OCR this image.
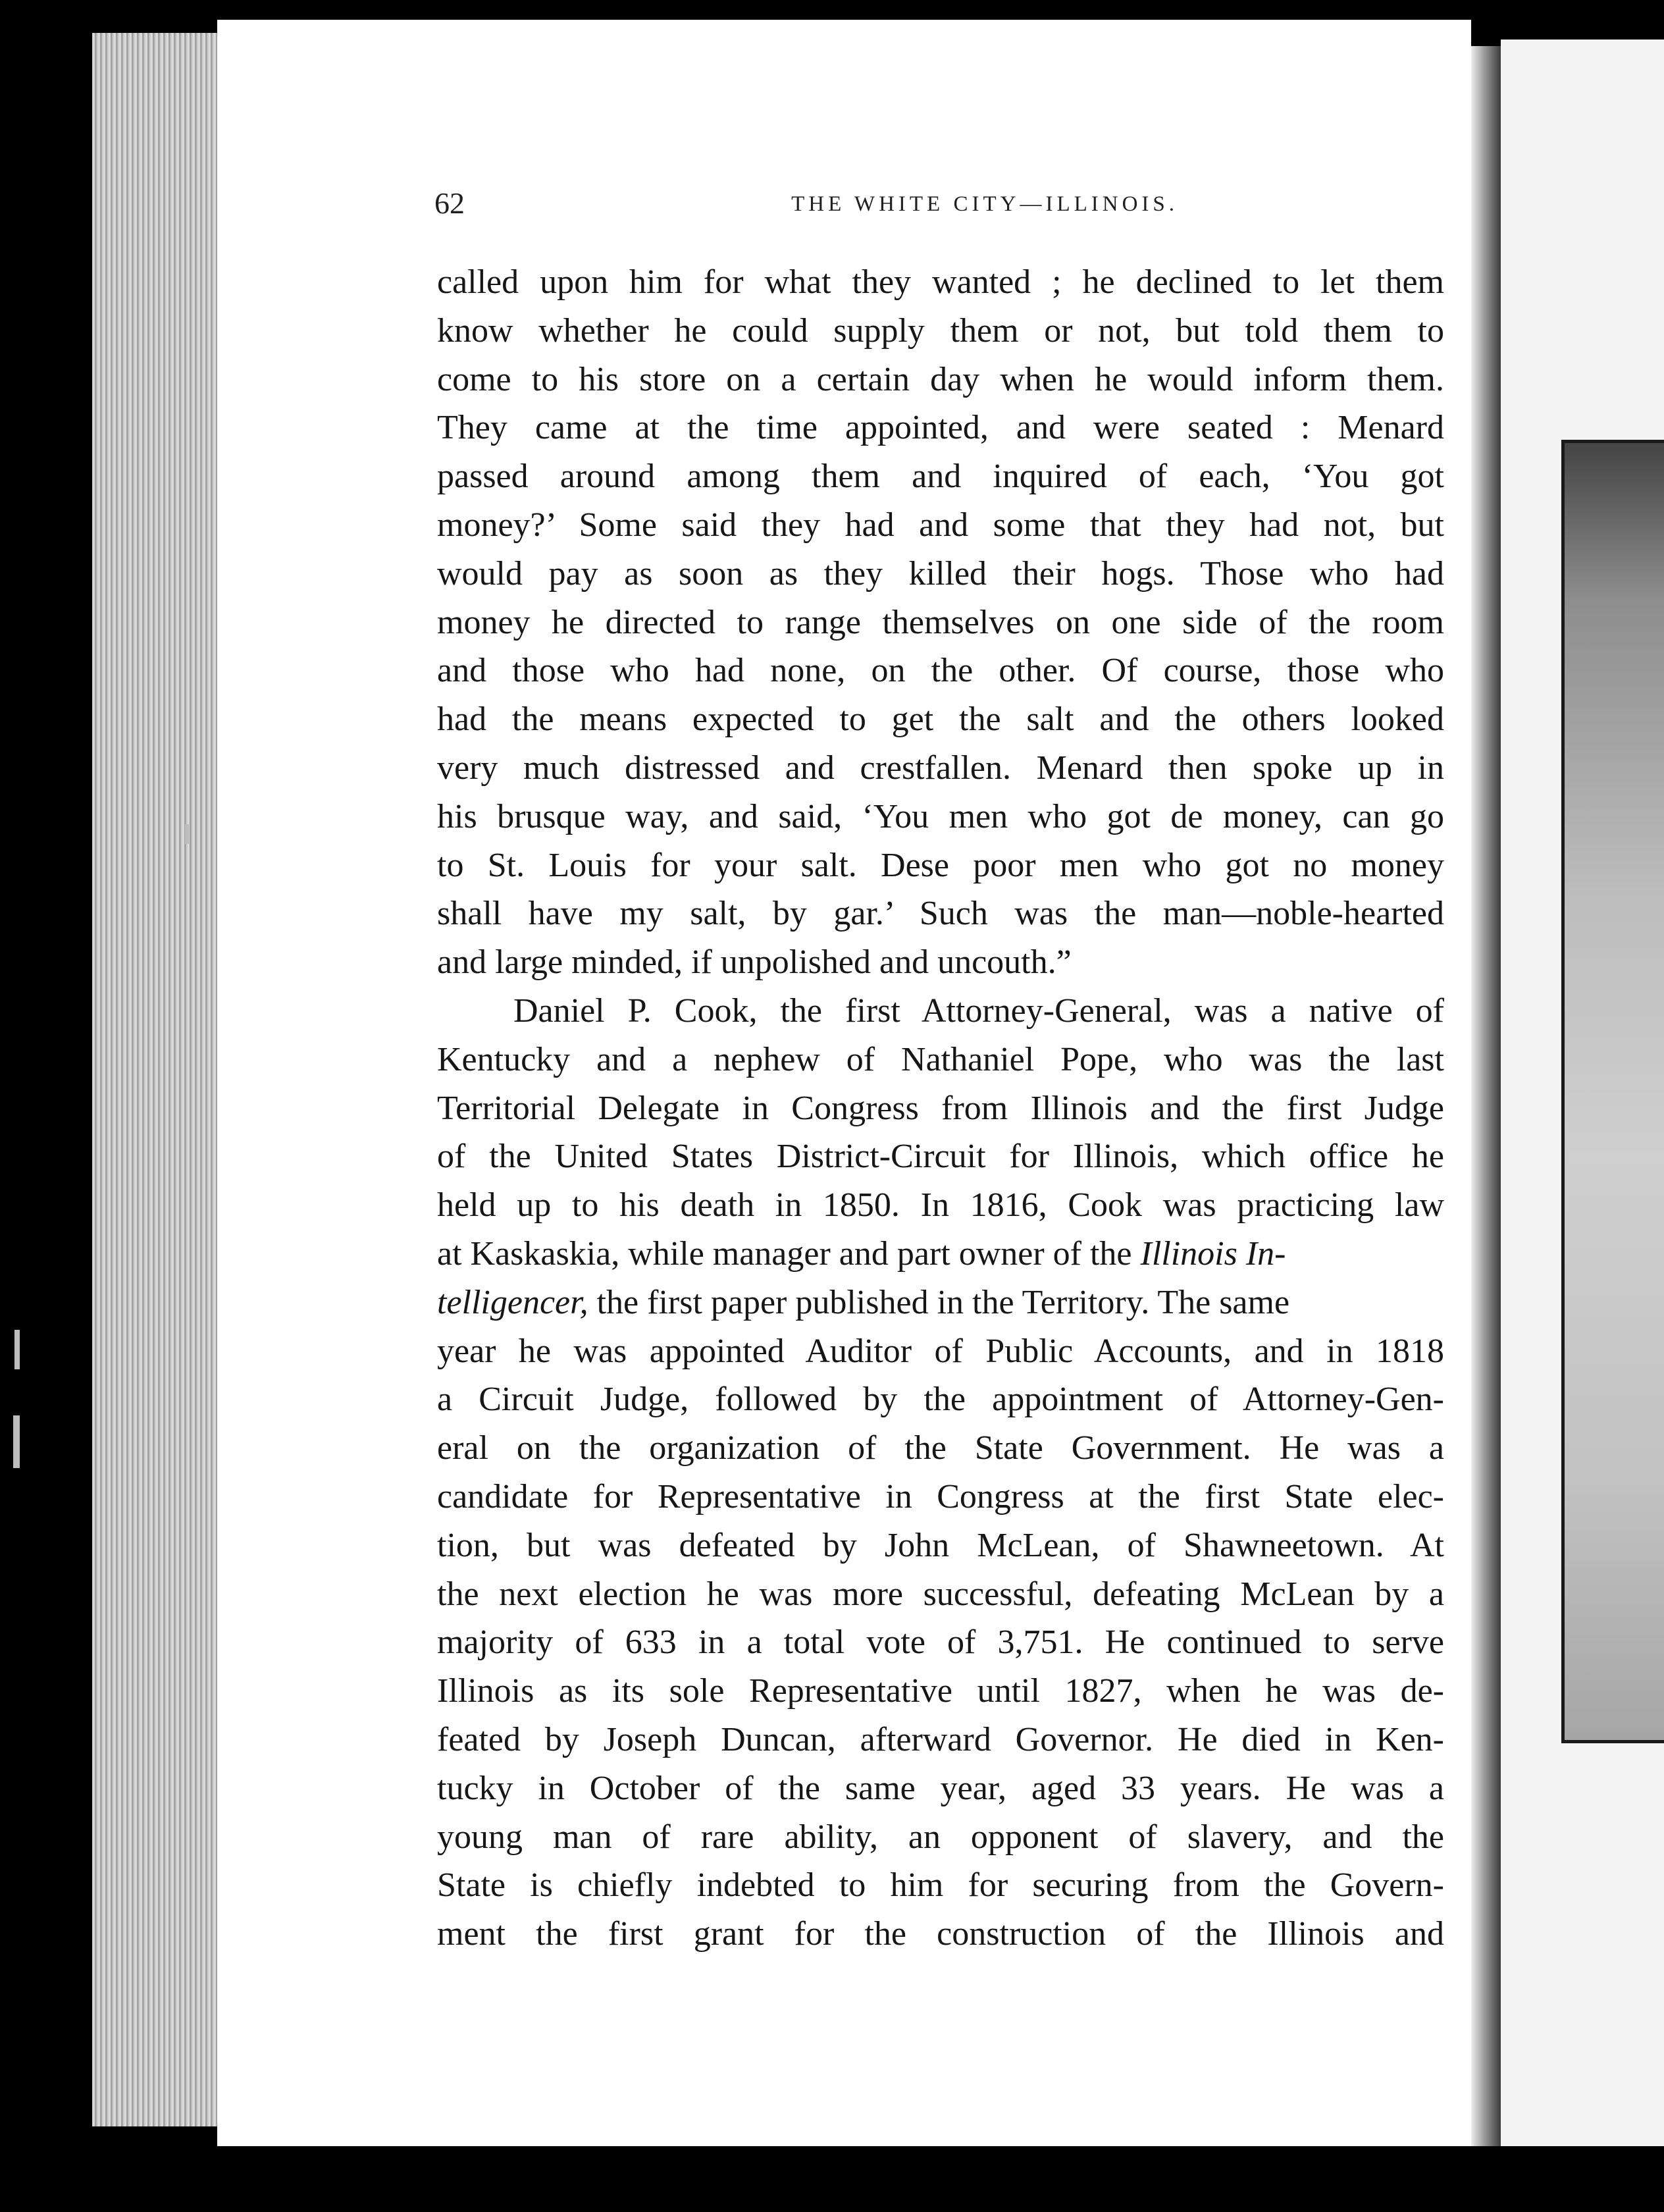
62	THE WHITE CITY—ILLINOIS.
called upon him for what they wanted ; he declined to let them
know whether he could supply them or not, but told them to
come to his store on a certain day when he would inform them.
They came at the time appointed, and were seated : Menard
passed around among them and inquired of each, ‘You got
money?’ Some said they had and some that they had not, but
would pay as soon as they killed their hogs. Those who had
money he directed to range themselves on one side of the room
and those who had none, on the other. Of course, those who
had the means expected to get the salt and the others looked
very much distressed and crestfallen. Menard then spoke up in
his brusque way, and said, ‘You men who got de money, can go
to St. Louis for your salt. Dese poor men who got no money
shall have my salt, by gar.’ Such was the man—noble-hearted
and large minded, if unpolished and uncouth.”
Daniel P. Cook, the first Attorney-General, was a native of
Kentucky and a nephew of Nathaniel Pope, who was the last
Territorial Delegate in Congress from Illinois and the first Judge
of the United States District-Circuit for Illinois, which office he
held up to his death in 1850. In 1816, Cook was practicing law
at Kaskaskia, while manager and part owner of the Illinois In-
telligencer, the first paper published in the Territory. The same
year he was appointed Auditor of Public Accounts, and in 1818
a Circuit Judge, followed by the appointment of Attorney-Gen-
eral on the organization of the State Government. He was a
candidate for Representative in Congress at the first State elec-
tion, but was defeated by John McLean, of Shawneetown. At
the next election he was more successful, defeating McLean by a
majority of 633 in a total vote of 3,751. He continued to serve
Illinois as its sole Representative until 1827, when he was de-
feated by Joseph Duncan, afterward Governor. He died in Ken-
tucky in October of the same year, aged 33 years. He was a
young man of rare ability, an opponent of slavery, and the
State is chiefly indebted to him for securing from the Govern-
ment the first grant for the construction of the Illinois and
